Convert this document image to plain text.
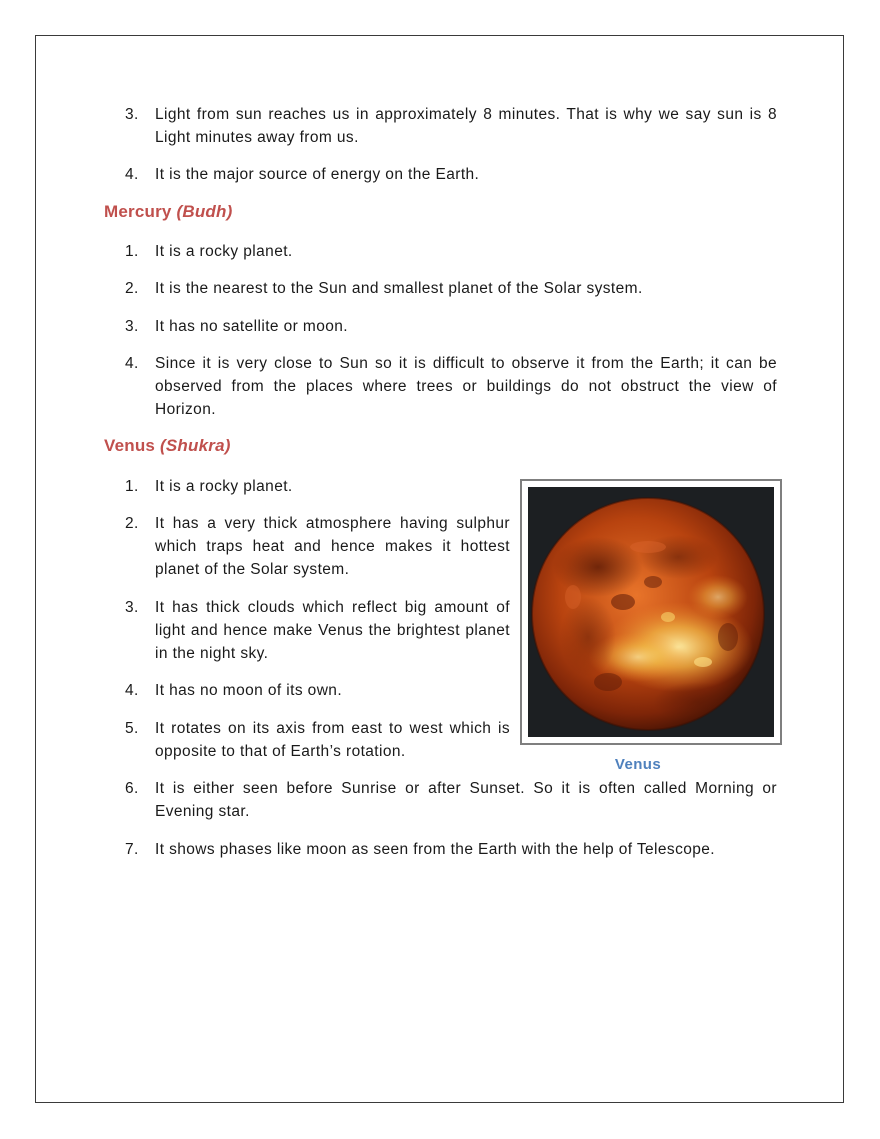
3.	Light from sun reaches us in approximately 8 minutes. That is why we say sun is 8 Light minutes away from us.
4.	It is the major source of energy on the Earth.
Mercury (Budh)
1.	It is a rocky planet.
2.	It is the nearest to the Sun and smallest planet of the Solar system.
3.	It has no satellite or moon.
4.	Since it is very close to Sun so it is difficult to observe it from the Earth; it can be observed from the places where trees or buildings do not obstruct the view of Horizon.
Venus (Shukra)
1.	It is a rocky planet.
2.	It has a very thick atmosphere having sulphur which traps heat and hence makes it hottest planet of the Solar system.
3.	It has thick clouds which reflect big amount of light and hence make Venus the brightest planet in the night sky.
4.	It has no moon of its own.
5.	It rotates on its axis from east to west which is opposite to that of Earth’s rotation.
6.	It is either seen before Sunrise or after Sunset. So it is often called Morning or Evening star.
7.	It shows phases like moon as seen from the Earth with the help of Telescope.
Venus
